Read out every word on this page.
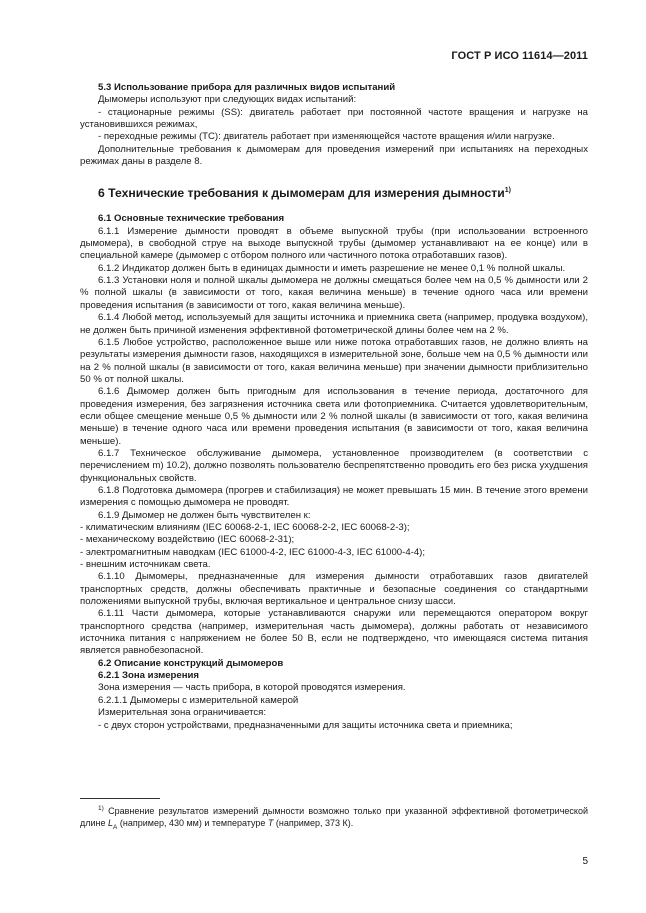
ГОСТ Р ИСО 11614—2011

5.3 Использование прибора для различных видов испытаний

Дымомеры используют при следующих видах испытаний:

- стационарные режимы (SS): двигатель работает при постоянной частоте вращения и нагрузке на установившихся режимах,

- переходные режимы (ТС): двигатель работает при изменяющейся частоте вращения и/или нагрузке.

Дополнительные требования к дымомерам для проведения измерений при испытаниях на переходных режимах даны в разделе 8.

6 Технические требования к дымомерам для измерения дымности$^{1)}$

6.1 Основные технические требования

6.1.1 Измерение дымности проводят в объеме выпускной трубы (при использовании встроенного дымомера), в свободной струе на выходе выпускной трубы (дымомер устанавливают на ее конце) или в специальной камере (дымомер с отбором полного или частичного потока отработавших газов).

6.1.2 Индикатор должен быть в единицах дымности и иметь разрешение не менее 0,1 % полной шкалы.

6.1.3 Установки ноля и полной шкалы дымомера не должны смещаться более чем на 0,5 % дымности или 2 % полной шкалы (в зависимости от того, какая величина меньше) в течение одного часа или времени проведения испытания (в зависимости от того, какая величина меньше).

6.1.4 Любой метод, используемый для защиты источника и приемника света (например, продувка воздухом), не должен быть причиной изменения эффективной фотометрической длины более чем на 2 %.

6.1.5 Любое устройство, расположенное выше или ниже потока отработавших газов, не должно влиять на результаты измерения дымности газов, находящихся в измерительной зоне, больше чем на 0,5 % дымности или на 2 % полной шкалы (в зависимости от того, какая величина меньше) при значении дымности приблизительно 50 % от полной шкалы.

6.1.6 Дымомер должен быть пригодным для использования в течение периода, достаточного для проведения измерения, без загрязнения источника света или фотоприемника. Считается удовлетворительным, если общее смещение меньше 0,5 % дымности или 2 % полной шкалы (в зависимости от того, какая величина меньше) в течение одного часа или времени проведения испытания (в зависимости от того, какая величина меньше).

6.1.7 Техническое обслуживание дымомера, установленное производителем (в соответствии с перечислением m) 10.2), должно позволять пользователю беспрепятственно проводить его без риска ухудшения функциональных свойств.

6.1.8 Подготовка дымомера (прогрев и стабилизация) не может превышать 15 мин. В течение этого времени измерения с помощью дымомера не проводят.

6.1.9 Дымомер не должен быть чувствителен к:

- климатическим влияниям (IEC 60068-2-1, IEC 60068-2-2, IEC 60068-2-3);

- механическому воздействию (IEC 60068-2-31);

- электромагнитным наводкам (IEC 61000-4-2, IEC 61000-4-3, IEC 61000-4-4);

- внешним источникам света.

6.1.10 Дымомеры, предназначенные для измерения дымности отработавших газов двигателей транспортных средств, должны обеспечивать практичные и безопасные соединения со стандартными положениями выпускной трубы, включая вертикальное и центральное снизу шасси.

6.1.11 Части дымомера, которые устанавливаются снаружи или перемещаются оператором вокруг транспортного средства (например, измерительная часть дымомера), должны работать от независимого источника питания с напряжением не более 50 В, если не подтверждено, что имеющаяся система питания является равнобезопасной.

6.2 Описание конструкций дымомеров

6.2.1 Зона измерения

Зона измерения — часть прибора, в которой проводятся измерения.

6.2.1.1 Дымомеры с измерительной камерой

Измерительная зона ограничивается:

- с двух сторон устройствами, предназначенными для защиты источника света и приемника;

$^{1)}$ Сравнение результатов измерений дымности возможно только при указанной эффективной фотометрической длине $L_A$ (например, 430 мм) и температуре T (например, 373 К).
5
